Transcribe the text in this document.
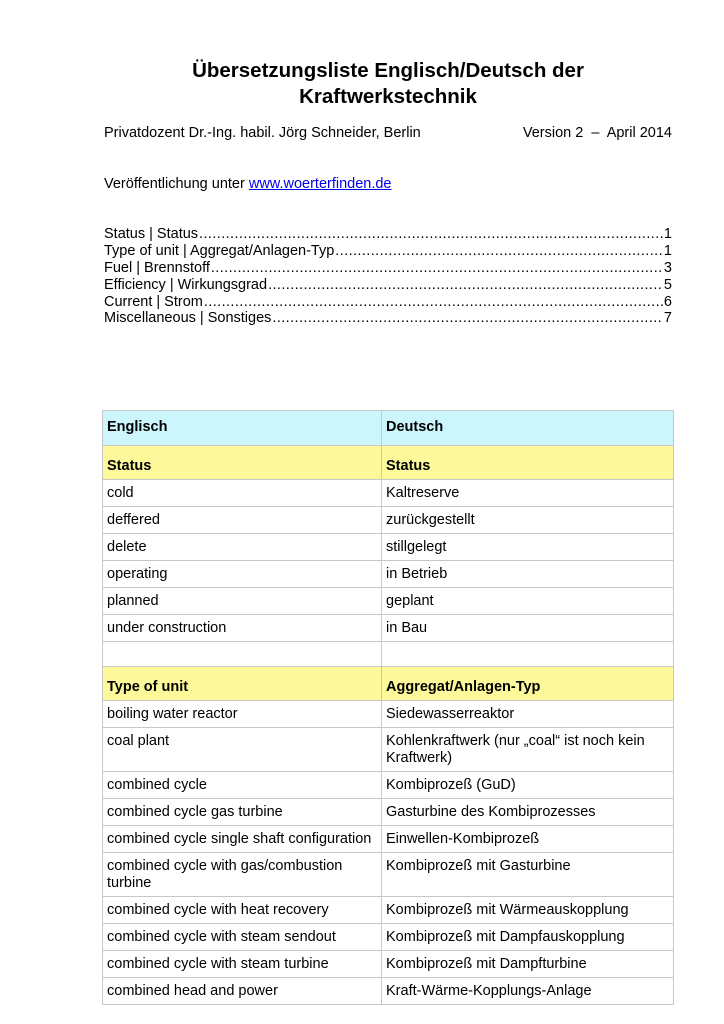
Übersetzungsliste Englisch/Deutsch der
Kraftwerkstechnik
Privatdozent Dr.-Ing. habil. Jörg Schneider, Berlin	Version 2  –  April 2014
Veröffentlichung unter www.woerterfinden.de
Status | Status .....	1
Type of unit | Aggregat/Anlagen-Typ .....	1
Fuel | Brennstoff .....	3
Efficiency | Wirkungsgrad .....	5
Current | Strom .....	6
Miscellaneous | Sonstiges .....	7
Englisch	Deutsch
Status	Status
cold	Kaltreserve
deffered	zurückgestellt
delete	stillgelegt
operating	in Betrieb
planned	geplant
under construction	in Bau

Type of unit	Aggregat/Anlagen-Typ
boiling water reactor	Siedewasserreaktor
coal plant	Kohlenkraftwerk (nur „coal“ ist noch kein Kraftwerk)
combined cycle	Kombiprozeß (GuD)
combined cycle gas turbine	Gasturbine des Kombiprozesses
combined cycle single shaft configuration	Einwellen-Kombiprozeß
combined cycle with gas/combustion turbine	Kombiprozeß mit Gasturbine
combined cycle with heat recovery	Kombiprozeß mit Wärmeauskopplung
combined cycle with steam sendout	Kombiprozeß mit Dampfauskopplung
combined cycle with steam turbine	Kombiprozeß mit Dampfturbine
combined head and power	Kraft-Wärme-Kopplungs-Anlage
